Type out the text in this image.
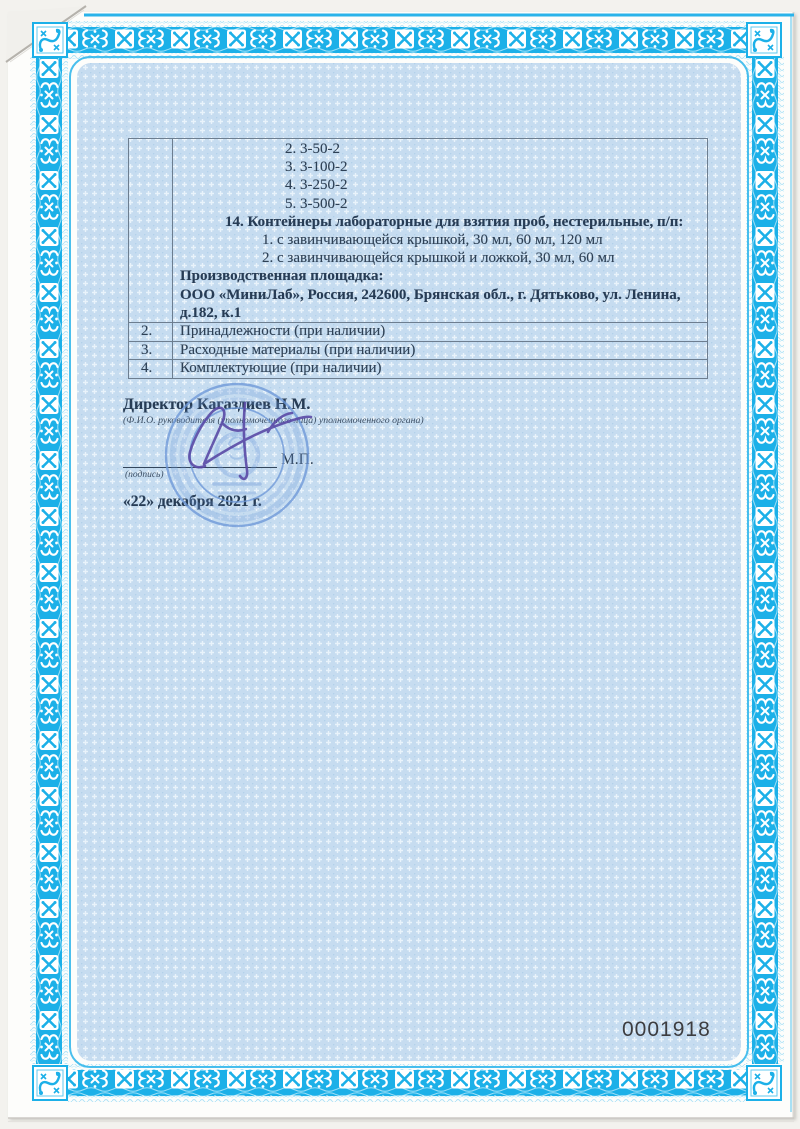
2. 3-50-2
3. 3-100-2
4. 3-250-2
5. 3-500-2
14. Контейнеры лабораторные для взятия проб, нестерильные, п/п:
1. с завинчивающейся крышкой, 30 мл, 60 мл, 120 мл
2. с завинчивающейся крышкой и ложкой, 30 мл, 60 мл
Производственная площадка:
ООО «МиниЛаб», Россия, 242600, Брянская обл., г. Дятьково, ул. Ленина, д.182, к.1
2.	Принадлежности (при наличии)
3.	Расходные материалы (при наличии)
4.	Комплектующие (при наличии)
Директор Кагаздиев Н.М.
(Ф.И.О. руководителя (уполномоченного лица) уполномоченного органа)
(подпись)
М.П.
«22» декабря 2021 г.
0001918
